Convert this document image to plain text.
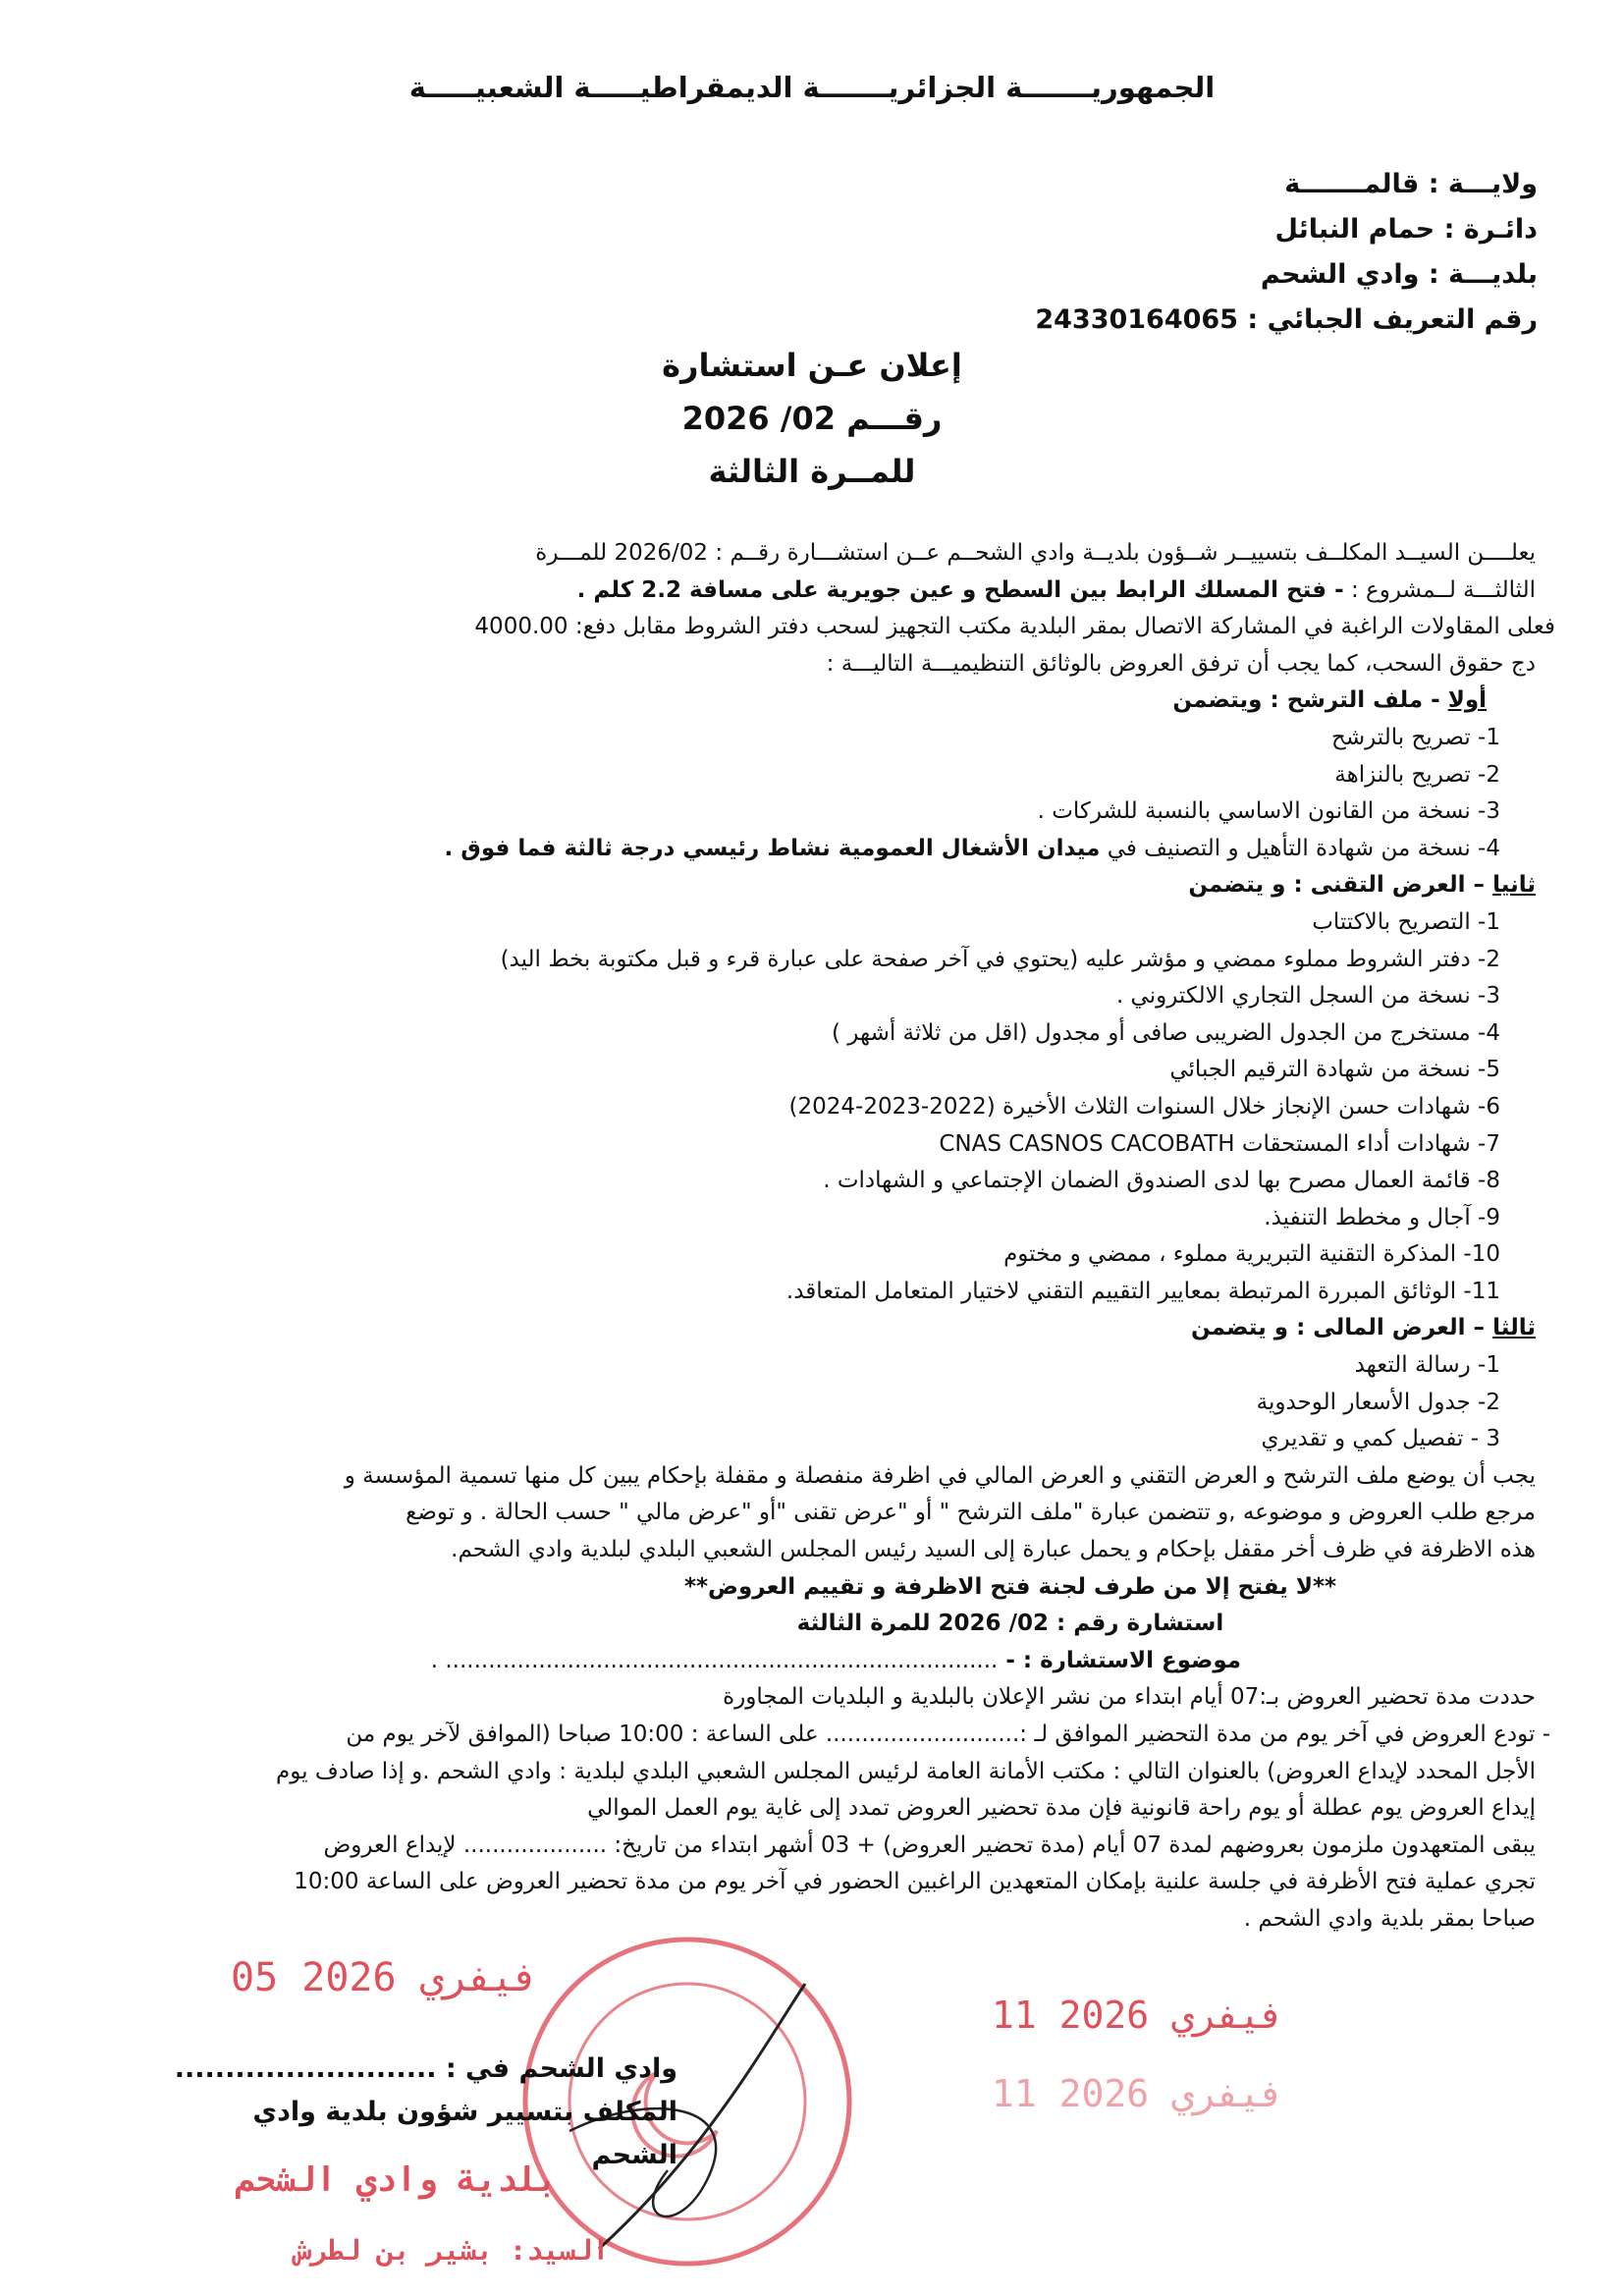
الجمهوريـــــــة الجزائريـــــــة الديمقراطيـــــة الشعبيـــــة
ولايـــة : قالمـــــــة
دائـرة : حمام النبائل
بلديـــة : وادي الشحم
رقم التعريف الجبائي : 24330164065
إعلان عـن استشارة
رقـــم 02/ 2026
للمــرة الثالثة
يعلــــن السيــد المكلــف بتسييــر شــؤون بلديــة وادي الشحــم عــن استشـــارة رقــم : 2026/02 للمـــرة
الثالثـــة لــمشروع : - فتح المسلك الرابط بين السطح و عين جويرية على مسافة 2.2 كلم .
فعلى المقاولات الراغبة في المشاركة الاتصال بمقر البلدية مكتب التجهيز لسحب دفتر الشروط مقابل دفع: 4000.00
دج حقوق السحب، كما يجب أن ترفق العروض بالوثائق التنظيميـــة التاليـــة :
أولا - ملف الترشح : ويتضمن
1- تصريح بالترشح
2- تصريح بالنزاهة
3- نسخة من القانون الاساسي بالنسبة للشركات .
4- نسخة من شهادة التأهيل و التصنيف في ميدان الأشغال العمومية نشاط رئيسي درجة ثالثة فما فوق .
ثانيا – العرض التقنى : و يتضمن
1- التصريح بالاكتتاب
2- دفتر الشروط مملوء ممضي و مؤشر عليه (يحتوي في آخر صفحة على عبارة قرء و قبل مكتوبة بخط اليد)
3- نسخة من السجل التجاري الالكتروني .
4- مستخرج من الجدول الضريبى صافى أو مجدول (اقل من ثلاثة أشهر )
5- نسخة من شهادة الترقيم الجبائي
6- شهادات حسن الإنجاز خلال السنوات الثلاث الأخيرة (2022-2023-2024)
7- شهادات أداء المستحقات CNAS CASNOS CACOBATH
8- قائمة العمال مصرح بها لدى الصندوق الضمان الإجتماعي و الشهادات .
9- آجال و مخطط التنفيذ.
10- المذكرة التقنية التبريرية مملوء ، ممضي و مختوم
11- الوثائق المبررة المرتبطة بمعايير التقييم التقني لاختيار المتعامل المتعاقد.
ثالثا – العرض المالى : و يتضمن
1- رسالة التعهد
2- جدول الأسعار الوحدوية
3 - تفصيل كمي و تقديري
يجب أن يوضع ملف الترشح و العرض التقني و العرض المالي في اظرفة منفصلة و مقفلة بإحكام يبين كل منها تسمية المؤسسة و
مرجع طلب العروض و موضوعه ,و تتضمن عبارة "ملف الترشح " أو "عرض تقنى "أو "عرض مالي " حسب الحالة . و توضع
هذه الاظرفة في ظرف أخر مقفل بإحكام و يحمل عبارة إلى السيد رئيس المجلس الشعبي البلدي لبلدية وادي الشحم.
**لا يفتح إلا من طرف لجنة فتح الاظرفة و تقييم العروض**
استشارة رقم : 02/ 2026 للمرة الثالثة
موضوع الاستشارة : - ............................................................................. .
حددت مدة تحضير العروض بـ:07 أيام ابتداء من نشر الإعلان بالبلدية و البلديات المجاورة
- تودع العروض في آخر يوم من مدة التحضير الموافق لـ :........................... على الساعة : 10:00 صباحا (الموافق لآخر يوم من
الأجل المحدد لإيداع العروض) بالعنوان التالي : مكتب الأمانة العامة لرئيس المجلس الشعبي البلدي لبلدية : وادي الشحم .و إذا صادف يوم
إيداع العروض يوم عطلة أو يوم راحة قانونية فإن مدة تحضير العروض تمدد إلى غاية يوم العمل الموالي
يبقى المتعهدون ملزمون بعروضهم لمدة 07 أيام (مدة تحضير العروض) + 03 أشهر ابتداء من تاريخ: .................... لإيداع العروض
تجري عملية فتح الأظرفة في جلسة علنية بإمكان المتعهدين الراغبين الحضور في آخر يوم من مدة تحضير العروض على الساعة 10:00
صباحا بمقر بلدية وادي الشحم .
11 فيفري 2026
11 فيفري 2026
05 فيفري 2026
بلدية وادي الشحم
السيد: بشير بن لطرش
وادي الشحم في : ..........................
المكلف بتسيير شؤون بلدية وادي الشحم
